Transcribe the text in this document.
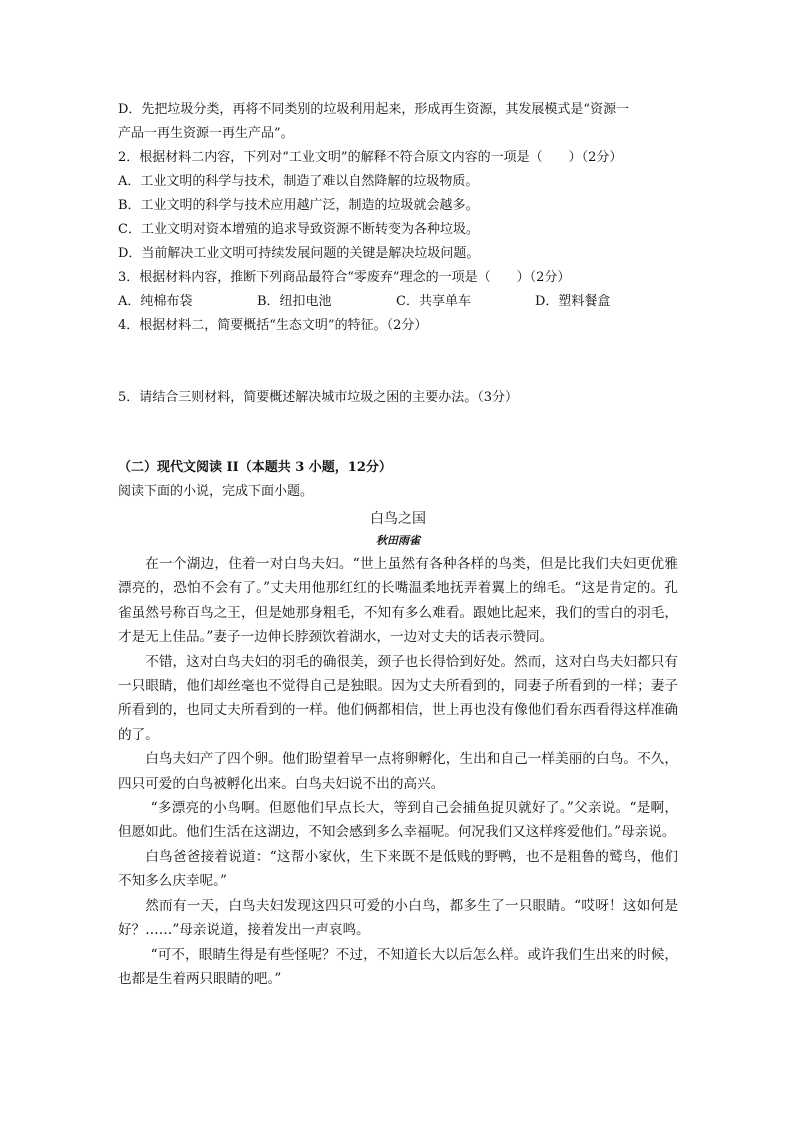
D．先把垃圾分类，再将不同类别的垃圾利用起来，形成再生资源，其发展模式是“资源一

产品一再生资源一再生产品”。

2．根据材料二内容，下列对“工业文明”的解释不符合原文内容的一项是（　　）（2分）

A．工业文明的科学与技术，制造了难以自然降解的垃圾物质。

B．工业文明的科学与技术应用越广泛，制造的垃圾就会越多。

C．工业文明对资本增殖的追求导致资源不断转变为各种垃圾。

D．当前解决工业文明可持续发展问题的关键是解决垃圾问题。

3．根据材料内容，推断下列商品最符合“零废弃”理念的一项是（　　）（2分）

A．纯棉布袋	B．纽扣电池	C．共享单车	D．塑料餐盒

4．根据材料二，简要概括“生态文明”的特征。（2分）

5．请结合三则材料，简要概述解决城市垃圾之困的主要办法。（3分）

（二）现代文阅读 II（本题共 3 小题，12分）

阅读下面的小说，完成下面小题。

白鸟之国

秋田雨雀

在一个湖边，住着一对白鸟夫妇。“世上虽然有各种各样的鸟类，但是比我们夫妇更优雅漂亮的，恐怕不会有了。”丈夫用他那红红的长嘴温柔地抚弄着翼上的绵毛。“这是肯定的。孔雀虽然号称百鸟之王，但是她那身粗毛，不知有多么难看。跟她比起来，我们的雪白的羽毛，才是无上佳品。”妻子一边伸长脖颈饮着湖水，一边对丈夫的话表示赞同。

不错，这对白鸟夫妇的羽毛的确很美，颈子也长得恰到好处。然而，这对白鸟夫妇都只有一只眼睛，他们却丝毫也不觉得自己是独眼。因为丈夫所看到的，同妻子所看到的一样；妻子所看到的，也同丈夫所看到的一样。他们俩都相信，世上再也没有像他们看东西看得这样准确的了。

白鸟夫妇产了四个卵。他们盼望着早一点将卵孵化，生出和自己一样美丽的白鸟。不久，四只可爱的白鸟被孵化出来。白鸟夫妇说不出的高兴。

“多漂亮的小鸟啊。但愿他们早点长大，等到自己会捕鱼捉贝就好了。”父亲说。“是啊，但愿如此。他们生活在这湖边，不知会感到多么幸福呢。何况我们又这样疼爱他们。”母亲说。

白鸟爸爸接着说道：“这帮小家伙，生下来既不是低贱的野鸭，也不是粗鲁的鹫鸟，他们不知多么庆幸呢。”

然而有一天，白鸟夫妇发现这四只可爱的小白鸟，都多生了一只眼睛。“哎呀！这如何是好？……”母亲说道，接着发出一声哀鸣。

“可不，眼睛生得是有些怪呢？不过，不知道长大以后怎么样。或许我们生出来的时候，也都是生着两只眼睛的吧。”
